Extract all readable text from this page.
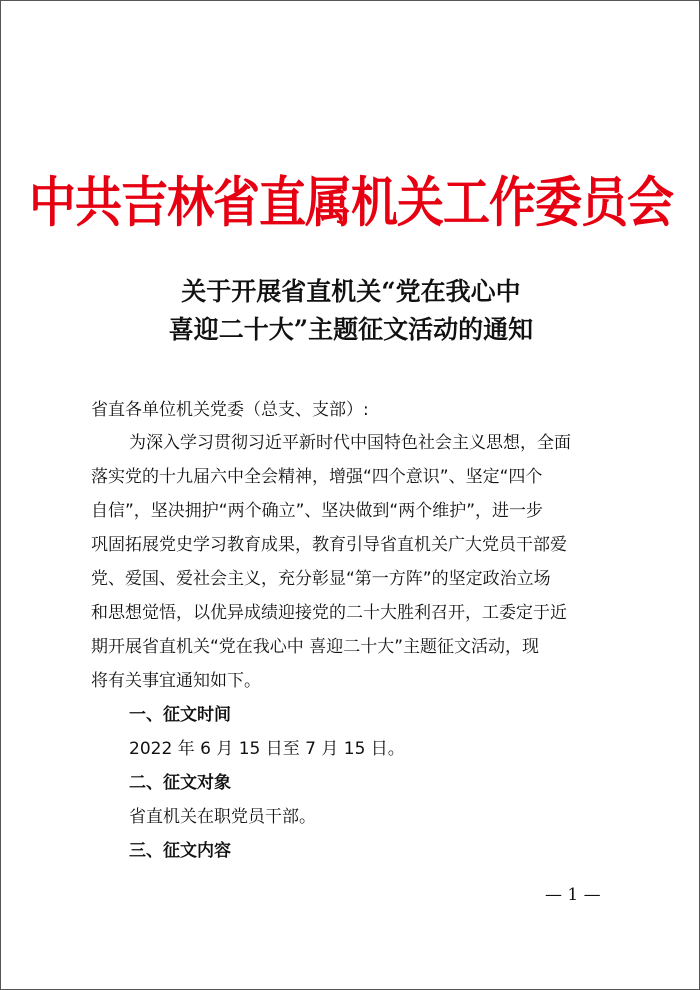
中共吉林省直属机关工作委员会
关于开展省直机关“党在我心中
喜迎二十大”主题征文活动的通知
省直各单位机关党委（总支、支部）:
为深入学习贯彻习近平新时代中国特色社会主义思想，全面
落实党的十九届六中全会精神，增强“四个意识”、坚定“四个
自信”，坚决拥护“两个确立”、坚决做到“两个维护”，进一步
巩固拓展党史学习教育成果，教育引导省直机关广大党员干部爱
党、爱国、爱社会主义，充分彰显“第一方阵”的坚定政治立场
和思想觉悟，以优异成绩迎接党的二十大胜利召开，工委定于近
期开展省直机关“党在我心中 喜迎二十大”主题征文活动，现
将有关事宜通知如下。
一、征文时间
2022 年 6 月 15 日至 7 月 15 日。
二、征文对象
省直机关在职党员干部。
三、征文内容
— 1 —
